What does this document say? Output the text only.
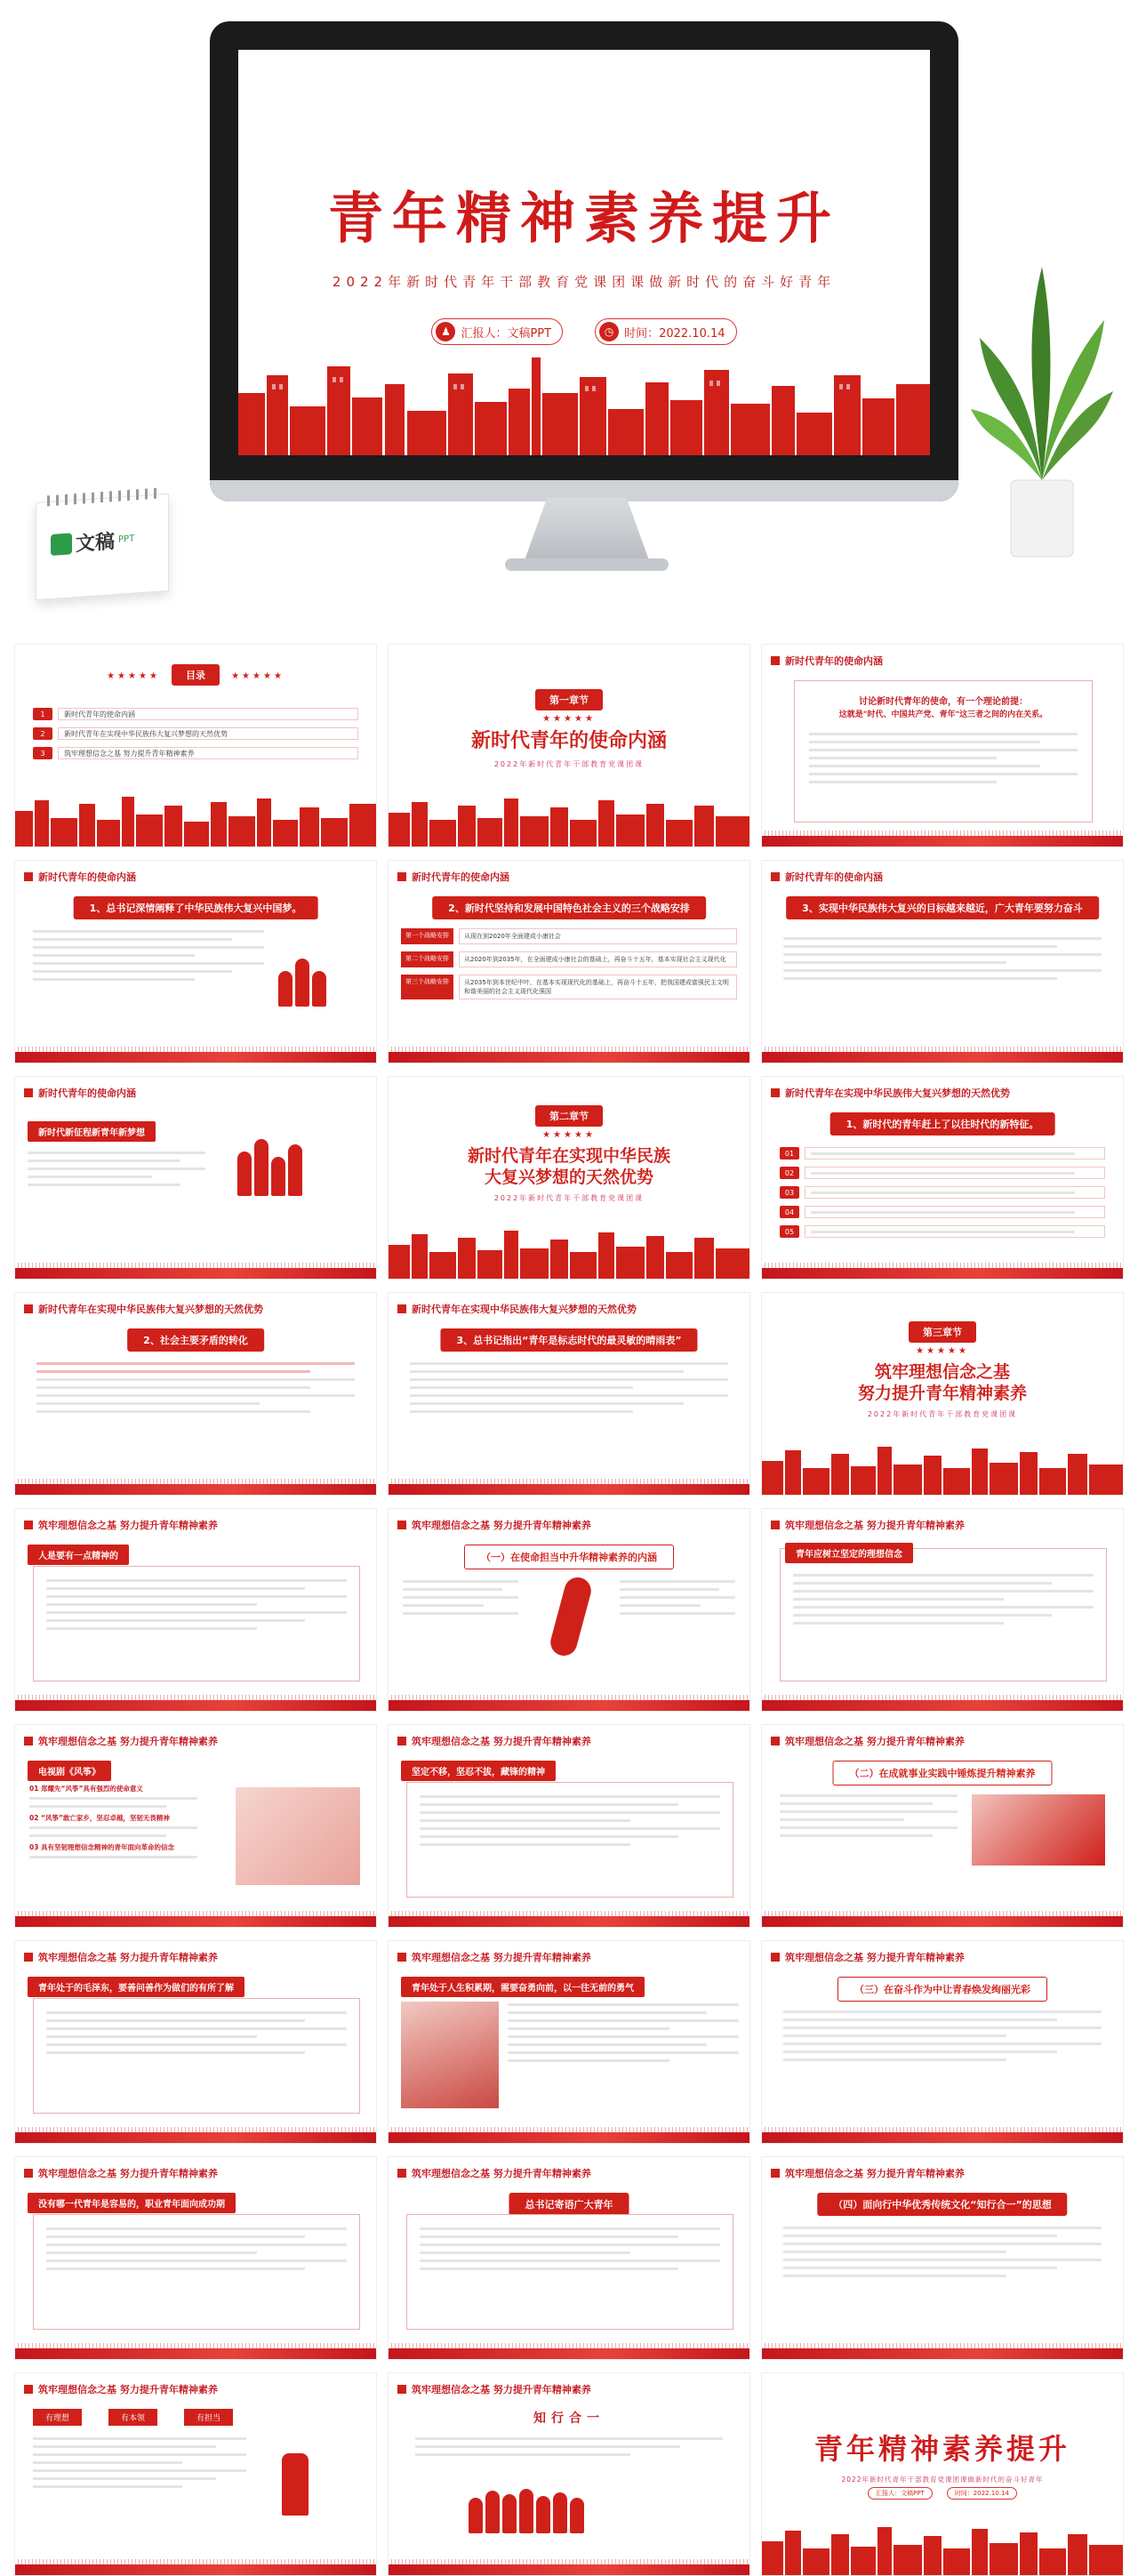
青年精神素养提升
2022年新时代青年干部教育党课团课做新时代的奋斗好青年
♟ 汇报人：文稿PPT	◷ 时间：2022.10.14
文稿 PPT
★★★★★	目录	★★★★★
1	新时代青年的使命内涵
2	新时代青年在实现中华民族伟大复兴梦想的天然优势
3	筑牢理想信念之基 努力提升青年精神素养
第一章节
★★★★★
新时代青年的使命内涵
2022年新时代青年干部教育党课团课
新时代青年的使命内涵
讨论新时代青年的使命，有一个理论前提：
这就是"时代、中国共产党、青年"这三者之间的内在关系。
新时代青年的使命内涵
1、总书记深情阐释了中华民族伟大复兴中国梦。
新时代青年的使命内涵
2、新时代坚持和发展中国特色社会主义的三个战略安排
第一个战略安排	从现在到2020年全面建成小康社会
第二个战略安排	从2020年到2035年，在全面建成小康社会的基础上，再奋斗十五年，基本实现社会主义现代化
第三个战略安排	从2035年到本世纪中叶，在基本实现现代化的基础上，再奋斗十五年，把我国建成富强民主文明和谐美丽的社会主义现代化强国
新时代青年的使命内涵
3、实现中华民族伟大复兴的目标越来越近，广大青年要努力奋斗
新时代青年的使命内涵
新时代新征程新青年新梦想
第二章节
★★★★★
新时代青年在实现中华民族
大复兴梦想的天然优势
2022年新时代青年干部教育党课团课
新时代青年在实现中华民族伟大复兴梦想的天然优势
1、新时代的青年赶上了以往时代的新特征。
01
02
03
04
05
新时代青年在实现中华民族伟大复兴梦想的天然优势
2、社会主要矛盾的转化
新时代青年在实现中华民族伟大复兴梦想的天然优势
3、总书记指出“青年是标志时代的最灵敏的晴雨表”
第三章节
★★★★★
筑牢理想信念之基
努力提升青年精神素养
2022年新时代青年干部教育党课团课
筑牢理想信念之基 努力提升青年精神素养
人是要有一点精神的
筑牢理想信念之基 努力提升青年精神素养
（一）在使命担当中升华精神素养的内涵
筑牢理想信念之基 努力提升青年精神素养
青年应树立坚定的理想信念
筑牢理想信念之基 努力提升青年精神素养
电视剧《风筝》
01 郑耀先“风筝”具有强烈的使命意义
02 “风筝”敢亡家乡，坚忍卓越，坚韧无畏精神
03 具有坚韧理想信念精神的青年面向革命的信念
筑牢理想信念之基 努力提升青年精神素养
坚定不移，坚忍不拔，藏锋的精神
筑牢理想信念之基 努力提升青年精神素养
（二）在成就事业实践中锤炼提升精神素养
筑牢理想信念之基 努力提升青年精神素养
青年处于的毛泽东，要善问善作为做们的有所了解
筑牢理想信念之基 努力提升青年精神素养
青年处于人生积累期，需要奋勇向前，以一往无前的勇气
筑牢理想信念之基 努力提升青年精神素养
（三）在奋斗作为中让青春焕发绚丽光彩
筑牢理想信念之基 努力提升青年精神素养
没有哪一代青年是容易的，职业青年面向成功期
筑牢理想信念之基 努力提升青年精神素养
总书记寄语广大青年
筑牢理想信念之基 努力提升青年精神素养
（四）面向行中华优秀传统文化“知行合一”的思想
筑牢理想信念之基 努力提升青年精神素养
有理想	有本领	有担当
筑牢理想信念之基 努力提升青年精神素养
知行合一
青年精神素养提升
2022年新时代青年干部教育党课团课做新时代的奋斗好青年
汇报人：文稿PPT	时间：2022.10.14
